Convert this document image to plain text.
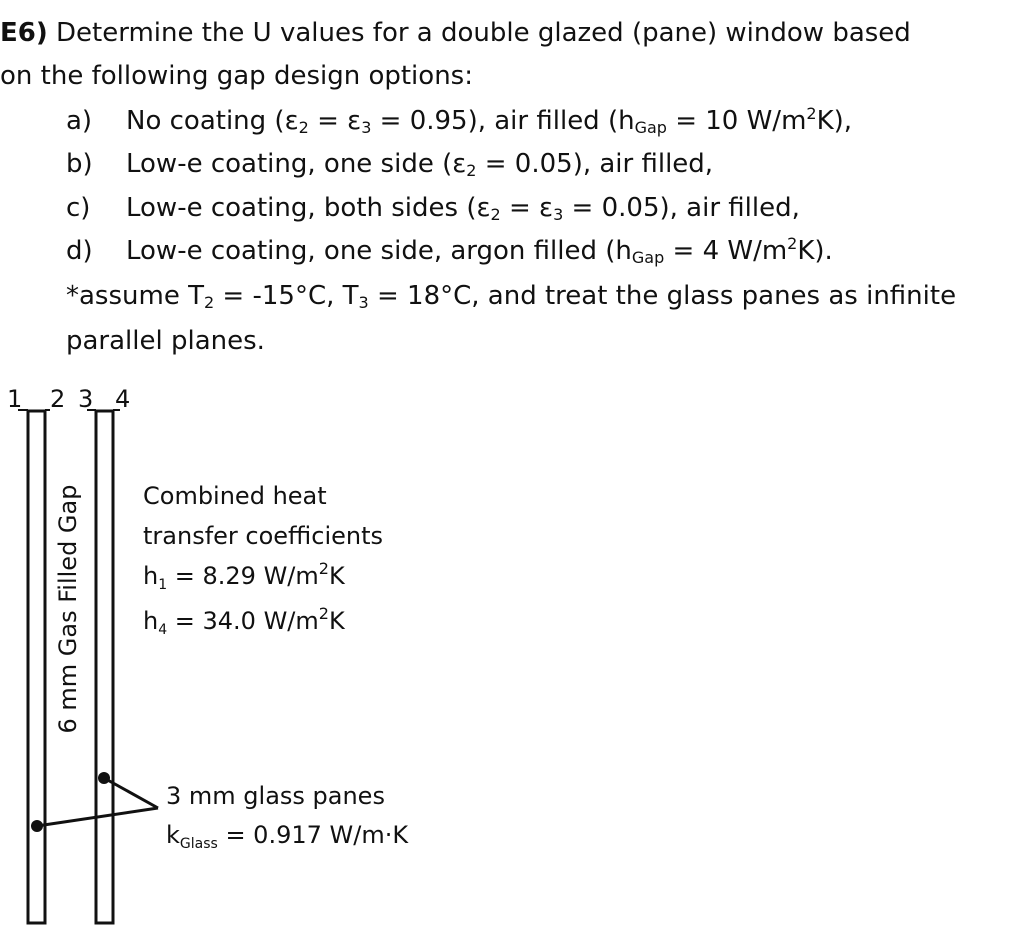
E6) Determine the U values for a double glazed (pane) window based
on the following gap design options:
a) No coating $(\varepsilon_2 = \varepsilon_3 = 0.95)$, air filled ($h_{Gap} = 10$ $W/m^2K$),
b) Low-e coating, one side $(\varepsilon_2 = 0.05)$, air filled,
c) Low-e coating, both sides $(\varepsilon_2 = \varepsilon_3 = 0.05)$, air filled,
d) Low-e coating, one side, argon filled ($h_{Gap} = 4$ $W/m^2K$).
*assume $T_2 = -15^\circ C$, $T_3 = 18^\circ C$, and treat the glass panes as infinite
parallel planes.
1 2 3 4
6 mm Gas Filled Gap	Combined heat
transfer coefficients
$h_1 = 8.29$ $W/m^2K$
$h_4 = 34.0$ $W/m^2K$
3 mm glass panes
$k_{Glass} = 0.917$ W/m·K
